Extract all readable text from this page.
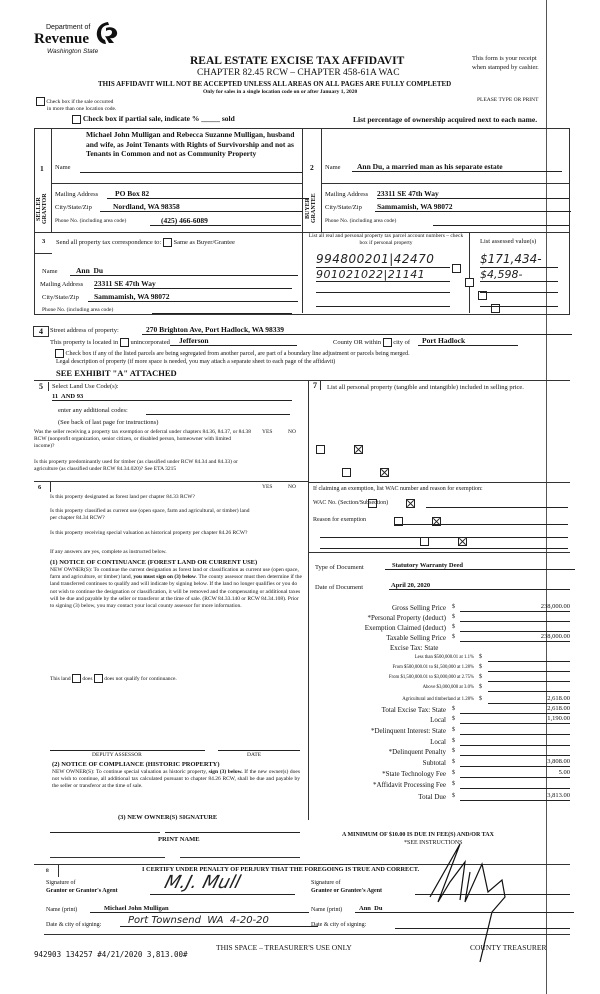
Department of
Revenue
Washington State
REAL ESTATE EXCISE TAX AFFIDAVIT
CHAPTER 82.45 RCW – CHAPTER 458-61A WAC
THIS AFFIDAVIT WILL NOT BE ACCEPTED UNLESS ALL AREAS ON ALL PAGES ARE FULLY COMPLETED
Only for sales in a single location code on or after January 1, 2020
This form is your receipt
when stamped by cashier.
PLEASE TYPE OR PRINT
Check box if the sale occurred
in more than one location code.
Check box if partial sale, indicate % _____ sold	List percentage of ownership acquired next to each name.
1 Name
Michael John Mulligan and Rebecca Suzanne Mulligan, husband and wife, as Joint Tenants with Rights of Survivorship and not as Tenants in Common and not as Community Property
SELLER GRANTOR	Mailing Address	PO Box 82
City/State/Zip	Nordland, WA 98358
Phone No. (including area code)	(425) 466-6089
2 Name	Ann Du, a married man as his separate estate
BUYER GRANTEE	Mailing Address 23311 SE 47th Way
City/State/Zip Sammamish, WA 98072
Phone No. (including area code)
3 Send all property tax correspondence to: Same as Buyer/Grantee
Name	Ann  Du
Mailing Address 23311 SE 47th Way
City/State/Zip	Sammamish, WA 98072
Phone No. (including area code)
List all real and personal property tax parcel account numbers – check box if personal property	List assessed value(s)
994800201|42470
	$171,434-
901021022|21141
	$4,598-

4	Street address of property:	270 Brighton Ave, Port Hadlock, WA 98339
This property is located in unincorporated	Jefferson	County OR within city of	Port Hadlock
Check box if any of the listed parcels are being segregated from another parcel, are part of a boundary line adjustment or parcels being merged.
Legal description of property (if more space is needed, you may attach a separate sheet to each page of the affidavit)
SEE EXHIBIT "A" ATTACHED
5	Select Land Use Code(s):
11  AND 93
enter any additional codes:
(See back of last page for instructions)
YES	NO
Was the seller receiving a property tax exemption or deferral under chapters 84.36, 84.37, or 84.38 RCW (nonprofit organization, senior citizen, or disabled person, homeowner with limited income)?

Is this property predominantly used for timber (as classified under RCW 84.34 and 84.33) or agriculture (as classified under RCW 84.34.020)? See ETA 3215

6	YES	NO
Is this property designated as forest land per chapter 84.33 RCW?

Is this property classified as current use (open space, farm and agricultural, or timber) land per chapter 84.34 RCW?

Is this property receiving special valuation as historical property per chapter 84.26 RCW?

If any answers are yes, complete as instructed below.
(1) NOTICE OF CONTINUANCE (FOREST LAND OR CURRENT USE)
NEW OWNER(S): To continue the current designation as forest land or classification as current use (open space, farm and agriculture, or timber) land, you must sign on (3) below. The county assessor must then determine if the land transferred continues to qualify and will indicate by signing below. If the land no longer qualifies or you do not wish to continue the designation or classification, it will be removed and the compensating or additional taxes will be due and payable by the seller or transferor at the time of sale. (RCW 84.33.140 or RCW 84.34.108). Prior to signing (3) below, you may contact your local county assessor for more information.
This land does does not qualify for continuance.
DEPUTY ASSESSOR	DATE
(2) NOTICE OF COMPLIANCE (HISTORIC PROPERTY)
NEW OWNER(S): To continue special valuation as historic property, sign (3) below. If the new owner(s) does not wish to continue, all additional tax calculated pursuant to chapter 84.26 RCW, shall be due and payable by the seller or transferor at the time of sale.
(3) NEW OWNER(S) SIGNATURE
PRINT NAME
7	List all personal property (tangible and intangible) included in selling price.
If claiming an exemption, list WAC number and reason for exemption:
WAC No. (Section/Subsection)
Reason for exemption
Type of Document	Statutory Warranty Deed
Date of Document	April 20, 2020
Gross Selling Price $	238,000.00
*Personal Property (deduct) $
Exemption Claimed (deduct) $
Taxable Selling Price $	238,000.00
Less than $500,000.01 at 1.1% $
From $500,000.01 to $1,500,000 at 1.28% $
From $1,500,000.01 to $3,000,000 at 2.75% $
Above $3,000,000 at 3.0% $
Agricultural and timberland at 1.28% $	2,618.00
Total Excise Tax: State $	2,618.00
Local $	1,190.00
*Delinquent Interest: State $
Local $
*Delinquent Penalty $
Subtotal $	3,808.00
*State Technology Fee $	5.00
*Affidavit Processing Fee $
Total Due $	3,813.00
Excise Tax: State
A MINIMUM OF $10.00 IS DUE IN FEE(S) AND/OR TAX
*SEE INSTRUCTIONS
8	I CERTIFY UNDER PENALTY OF PERJURY THAT THE FOREGOING IS TRUE AND CORRECT.
Signature of
Grantor or Grantor's Agent M.J. Mull
Name (print)	Michael John Mulligan
Date & city of signing:	Port Townsend  WA  4-20-20
Signature of
Grantee or Grantee's Agent
Name (print)	Ann  Du
Date & city of signing:
942903 134257 #4/21/2020 3,813.00#
THIS SPACE – TREASURER'S USE ONLY	COUNTY TREASURER
